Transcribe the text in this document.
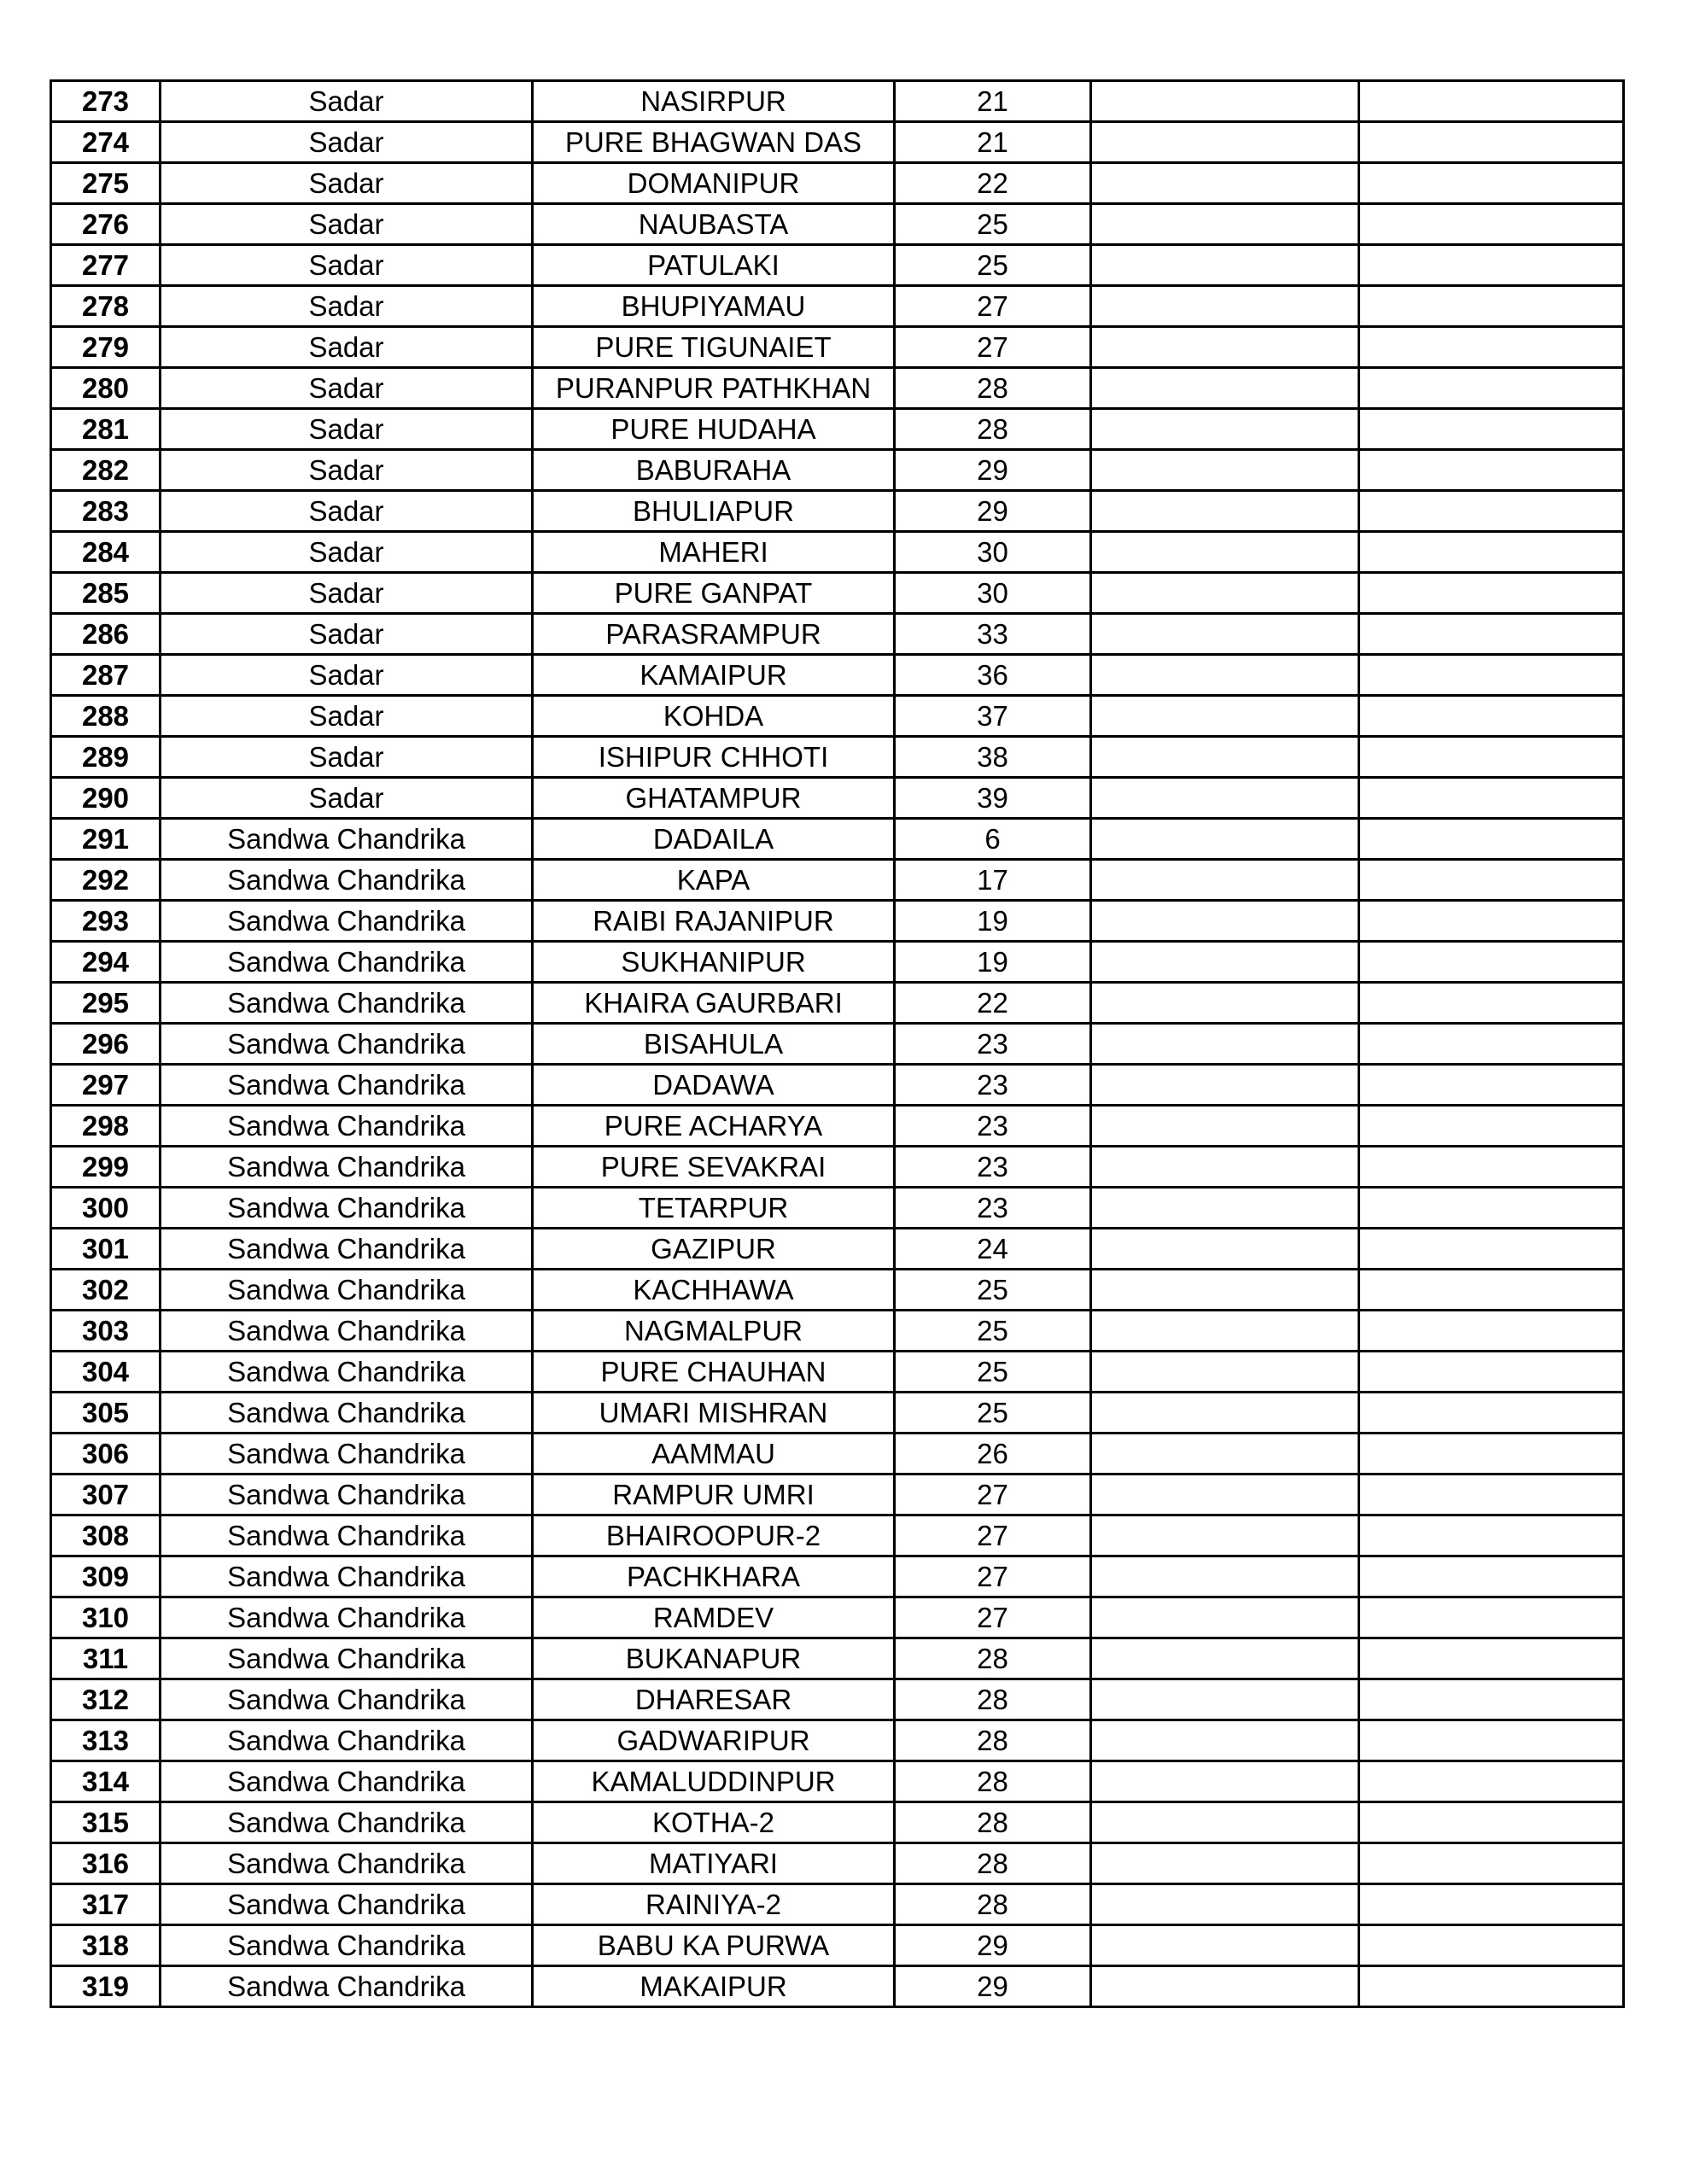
273	Sadar	NASIRPUR	21		
274	Sadar	PURE BHAGWAN DAS	21		
275	Sadar	DOMANIPUR	22		
276	Sadar	NAUBASTA	25		
277	Sadar	PATULAKI	25		
278	Sadar	BHUPIYAMAU	27		
279	Sadar	PURE TIGUNAIET	27		
280	Sadar	PURANPUR PATHKHAN	28		
281	Sadar	PURE HUDAHA	28		
282	Sadar	BABURAHA	29		
283	Sadar	BHULIAPUR	29		
284	Sadar	MAHERI	30		
285	Sadar	PURE GANPAT	30		
286	Sadar	PARASRAMPUR	33		
287	Sadar	KAMAIPUR	36		
288	Sadar	KOHDA	37		
289	Sadar	ISHIPUR CHHOTI	38		
290	Sadar	GHATAMPUR	39		
291	Sandwa Chandrika	DADAILA	6		
292	Sandwa Chandrika	KAPA	17		
293	Sandwa Chandrika	RAIBI RAJANIPUR	19		
294	Sandwa Chandrika	SUKHANIPUR	19		
295	Sandwa Chandrika	KHAIRA GAURBARI	22		
296	Sandwa Chandrika	BISAHULA	23		
297	Sandwa Chandrika	DADAWA	23		
298	Sandwa Chandrika	PURE ACHARYA	23		
299	Sandwa Chandrika	PURE SEVAKRAI	23		
300	Sandwa Chandrika	TETARPUR	23		
301	Sandwa Chandrika	GAZIPUR	24		
302	Sandwa Chandrika	KACHHAWA	25		
303	Sandwa Chandrika	NAGMALPUR	25		
304	Sandwa Chandrika	PURE CHAUHAN	25		
305	Sandwa Chandrika	UMARI MISHRAN	25		
306	Sandwa Chandrika	AAMMAU	26		
307	Sandwa Chandrika	RAMPUR UMRI	27		
308	Sandwa Chandrika	BHAIROOPUR-2	27		
309	Sandwa Chandrika	PACHKHARA	27		
310	Sandwa Chandrika	RAMDEV	27		
311	Sandwa Chandrika	BUKANAPUR	28		
312	Sandwa Chandrika	DHARESAR	28		
313	Sandwa Chandrika	GADWARIPUR	28		
314	Sandwa Chandrika	KAMALUDDINPUR	28		
315	Sandwa Chandrika	KOTHA-2	28		
316	Sandwa Chandrika	MATIYARI	28		
317	Sandwa Chandrika	RAINIYA-2	28		
318	Sandwa Chandrika	BABU KA PURWA	29		
319	Sandwa Chandrika	MAKAIPUR	29		
